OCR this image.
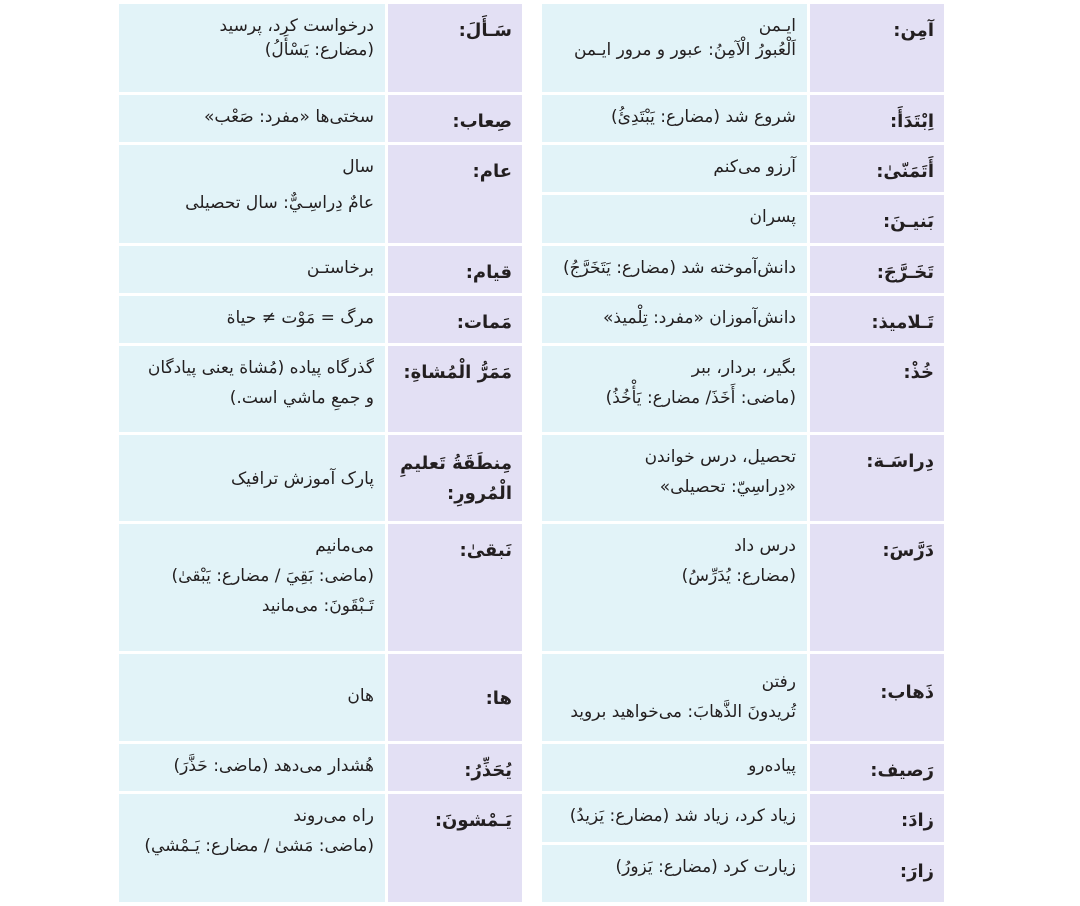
آمِن:
ایـمن
اَلْعُبورُ الْآمِنُ: عبور و مرور ایـمن
اِبْتَدَأَ:
شروع شد (مضارع: یَبْتَدِئُ)
أَتَمَنّیٰ:
آرزو می‌کنم
بَنیـنَ:
پسران
تَخَـرَّجَ:
دانش‌آموخته شد (مضارع: یَتَخَرَّجُ)
تَـلاميذ:
دانش‌آموزان «مفرد: تِلْميذ»
خُذْ:
بگیر، بردار، ببر
(ماضی: أَخَذَ/ مضارع: یَأْخُذُ)
دِراسَـة:
تحصیل، درس خواندن
«دِراسِيّ: تحصیلی»
دَرَّسَ:
درس داد
(مضارع: یُدَرِّسُ)
ذَهاب:
رفتن
تُريدونَ الذَّهابَ: می‌خواهید بروید
رَصيف:
پیاده‌رو
زادَ:
زیاد کرد، زیاد شد (مضارع: يَزيدُ)
زارَ:
زیارت کرد (مضارع: یَزورُ)
سَـأَلَ:
درخواست کرد، پرسید
(مضارع: يَسْأَلُ)
صِعاب:
سختی‌ها «مفرد: صَعْب»
عام:
سال
عامٌ دِراسِـيٌّ: سال تحصیلی
قيام:
برخاستـن
مَمات:
مرگ = مَوْت ≠ حیاة
مَمَرُّ الْمُشاةِ:
گذرگاه پیاده (مُشاة یعنی پیادگان
و جمعِ ماشي است.)
مِنطَقَةُ تَعليمِ الْمُرورِ:
پارک آموزش ترافیک
نَبقیٰ:
می‌مانیم
(ماضی: بَقِيَ / مضارع: يَبْقیٰ)
تَـبْقَونَ: می‌مانید
ها:
هان
يُحَذِّرُ:
هُشدار می‌دهد (ماضی: حَذَّرَ)
يَـمْشونَ:
راه می‌روند
(ماضی: مَشیٰ / مضارع: يَـمْشي)
